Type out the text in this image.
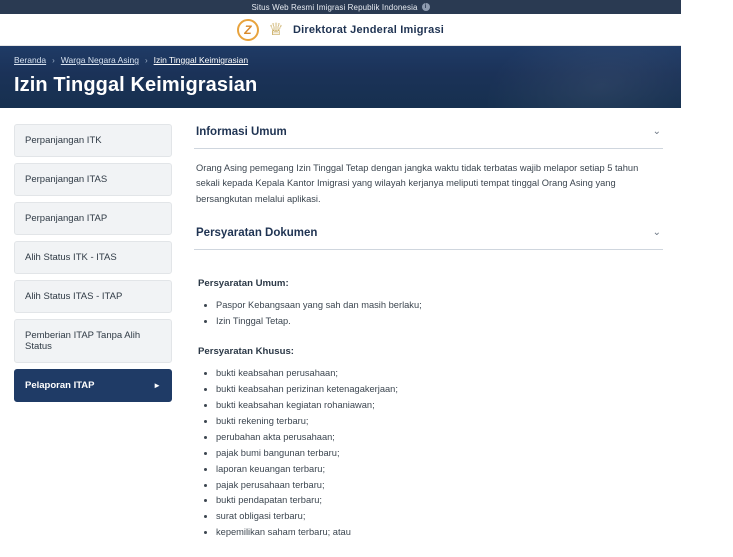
Situs Web Resmi Imigrasi Republik Indonesia	i
Z ♕ Direktorat Jenderal Imigrasi
Beranda › Warga Negara Asing › Izin Tinggal Keimigrasian
Izin Tinggal Keimigrasian
Perpanjangan ITK
Perpanjangan ITAS
Perpanjangan ITAP
Alih Status ITK - ITAS
Alih Status ITAS - ITAP
Pemberian ITAP Tanpa Alih Status
Pelaporan ITAP	►
Informasi Umum

Orang Asing pemegang Izin Tinggal Tetap dengan jangka waktu tidak terbatas wajib melapor setiap 5 tahun sekali kepada Kepala Kantor Imigrasi yang wilayah kerjanya meliputi tempat tinggal Orang Asing yang bersangkutan melalui aplikasi.

Persyaratan Dokumen	⌄
Persyaratan Umum:
• Paspor Kebangsaan yang sah dan masih berlaku;
• Izin Tinggal Tetap.
Persyaratan Khusus:
• bukti keabsahan perusahaan;
• bukti keabsahan perizinan ketenagakerjaan;
• bukti keabsahan kegiatan rohaniawan;
• bukti rekening terbaru;
• perubahan akta perusahaan;
• pajak bumi bangunan terbaru;
• laporan keuangan terbaru;
• pajak perusahaan terbaru;
• bukti pendapatan terbaru;
• surat obligasi terbaru;
• kepemilikan saham terbaru; atau
